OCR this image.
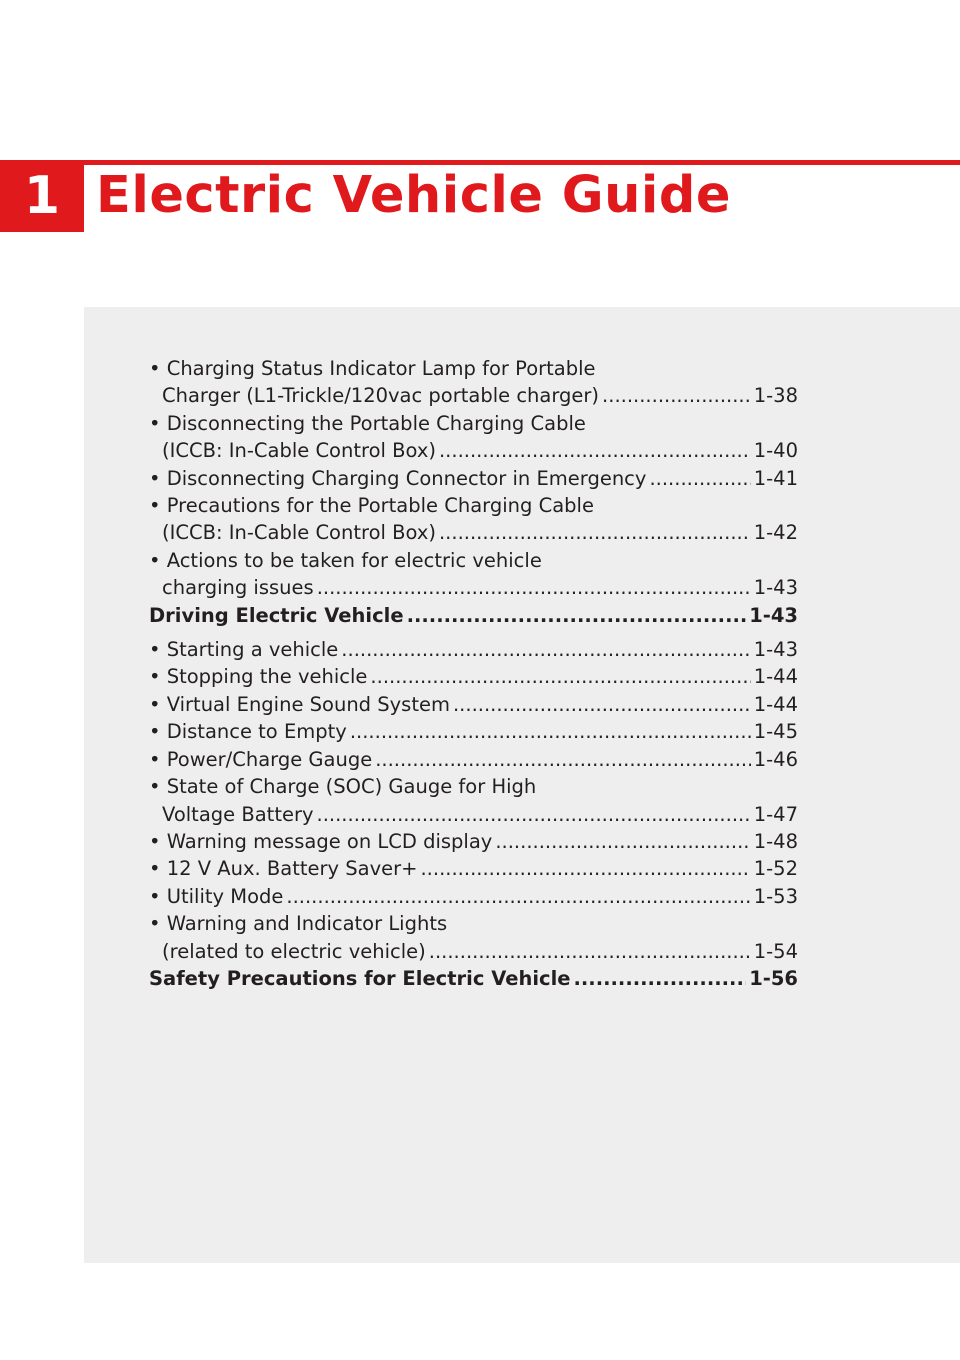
1 Electric Vehicle Guide
• Charging Status Indicator Lamp for Portable
Charger (L1-Trickle/120vac portable charger) .....	1-38
• Disconnecting the Portable Charging Cable
(ICCB: In-Cable Control Box) .....	1-40
• Disconnecting Charging Connector in Emergency .....	1-41
• Precautions for the Portable Charging Cable
(ICCB: In-Cable Control Box) .....	1-42
• Actions to be taken for electric vehicle
charging issues .....	1-43
Driving Electric Vehicle .....	1-43
• Starting a vehicle .....	1-43
• Stopping the vehicle .....	1-44
• Virtual Engine Sound System .....	1-44
• Distance to Empty .....	1-45
• Power/Charge Gauge .....	1-46
• State of Charge (SOC) Gauge for High
Voltage Battery .....	1-47
• Warning message on LCD display .....	1-48
• 12 V Aux. Battery Saver+ .....	1-52
• Utility Mode .....	1-53
• Warning and Indicator Lights
(related to electric vehicle) .....	1-54
Safety Precautions for Electric Vehicle .....	1-56
